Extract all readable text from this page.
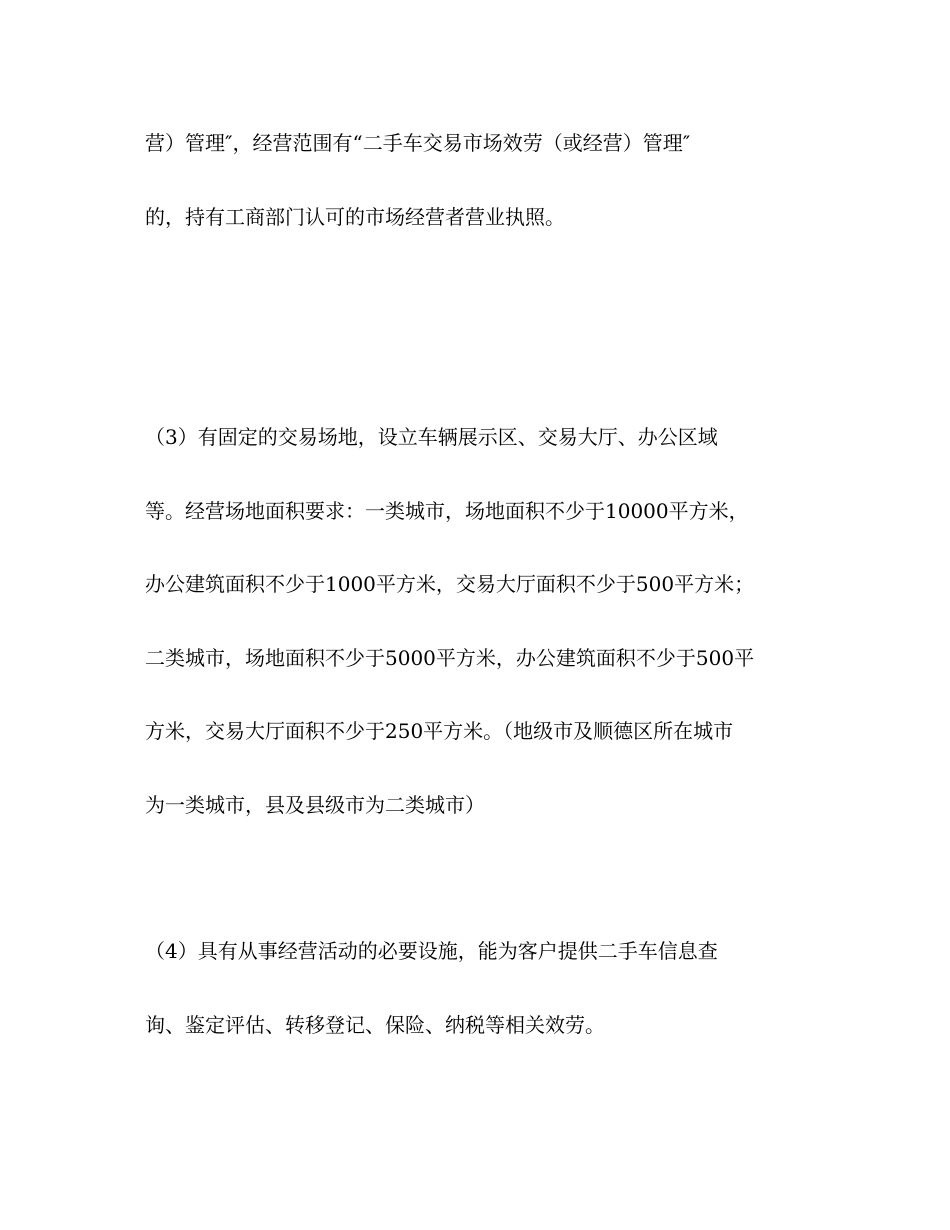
营）管理″，经营范围有“二手车交易市场效劳（或经营）管理″
的，持有工商部门认可的市场经营者营业执照。
（3）有固定的交易场地，设立车辆展示区、交易大厅、办公区域
等。经营场地面积要求：一类城市，场地面积不少于10000平方米，
办公建筑面积不少于1000平方米，交易大厅面积不少于500平方米；
二类城市，场地面积不少于5000平方米，办公建筑面积不少于500平
方米，交易大厅面积不少于250平方米。（地级市及顺德区所在城市
为一类城市，县及县级市为二类城市）
（4）具有从事经营活动的必要设施，能为客户提供二手车信息查
询、鉴定评估、转移登记、保险、纳税等相关效劳。
